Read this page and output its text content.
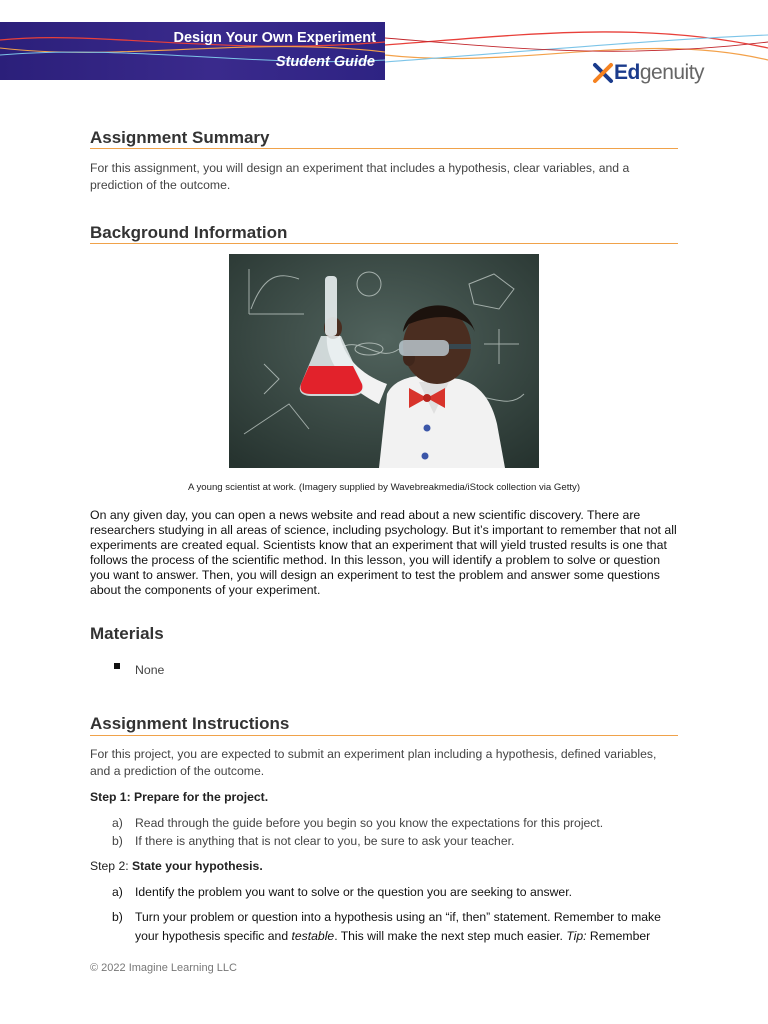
Design Your Own Experiment
Student Guide	Edgenuity
Assignment Summary

For this assignment, you will design an experiment that includes a hypothesis, clear variables, and a prediction of the outcome.

Background Information
A young scientist at work. (Imagery supplied by Wavebreakmedia/iStock collection via Getty)

On any given day, you can open a news website and read about a new scientific discovery. There are researchers studying in all areas of science, including psychology. But it’s important to remember that not all experiments are created equal. Scientists know that an experiment that will yield trusted results is one that follows the process of the scientific method. In this lesson, you will identify a problem to solve or question you want to answer. Then, you will design an experiment to test the problem and answer some questions about the components of your experiment.

Materials
None
Assignment Instructions

For this project, you are expected to submit an experiment plan including a hypothesis, defined variables, and a prediction of the outcome.

Step 1: Prepare for the project.
a) Read through the guide before you begin so you know the expectations for this project.
b) If there is anything that is not clear to you, be sure to ask your teacher.
Step 2: State your hypothesis.
a) Identify the problem you want to solve or the question you are seeking to answer.
b) Turn your problem or question into a hypothesis using an “if, then” statement. Remember to make your hypothesis specific and testable. This will make the next step much easier. Tip: Remember
© 2022 Imagine Learning LLC
